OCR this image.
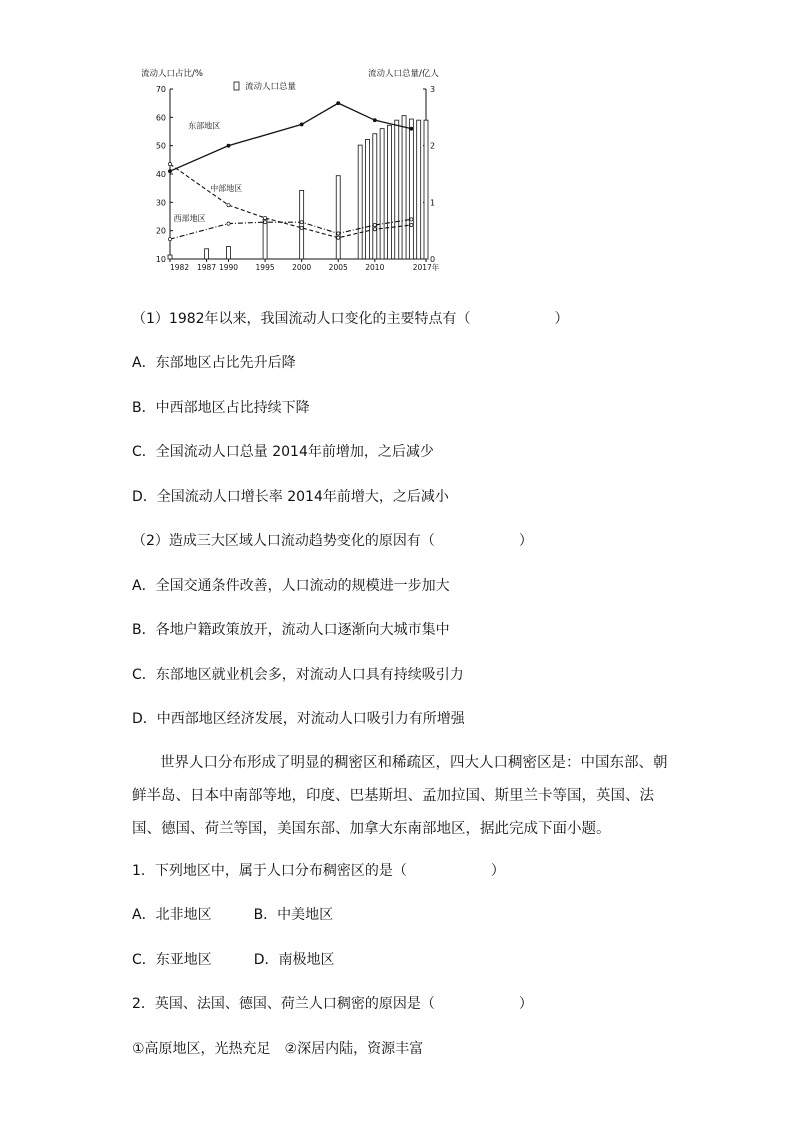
10
20
30
40
50
60
70
0
1
2
3
1982 1987 1990 1995 2000 2005 2010	2017年
流动人口占比/%	流动人口总量/亿人
流动人口总量
东部地区
中部地区
西部地区
（1）1982年以来，我国流动人口变化的主要特点有（　　　　　　）
A．东部地区占比先升后降
B．中西部地区占比持续下降
C．全国流动人口总量 2014年前增加，之后减少
D．全国流动人口增长率 2014年前增大，之后减小
（2）造成三大区域人口流动趋势变化的原因有（　　　　　　）
A．全国交通条件改善，人口流动的规模进一步加大
B．各地户籍政策放开，流动人口逐渐向大城市集中
C．东部地区就业机会多，对流动人口具有持续吸引力
D．中西部地区经济发展，对流动人口吸引力有所增强
世界人口分布形成了明显的稠密区和稀疏区，四大人口稠密区是：中国东部、朝鲜半岛、日本中南部等地，印度、巴基斯坦、孟加拉国、斯里兰卡等国，英国、法国、德国、荷兰等国，美国东部、加拿大东南部地区，据此完成下面小题。
1．下列地区中，属于人口分布稠密区的是（　　　　　　）
A．北非地区　　　B．中美地区
C．东亚地区　　　D．南极地区
2．英国、法国、德国、荷兰人口稠密的原因是（　　　　　　）
①高原地区，光热充足　②深居内陆，资源丰富
